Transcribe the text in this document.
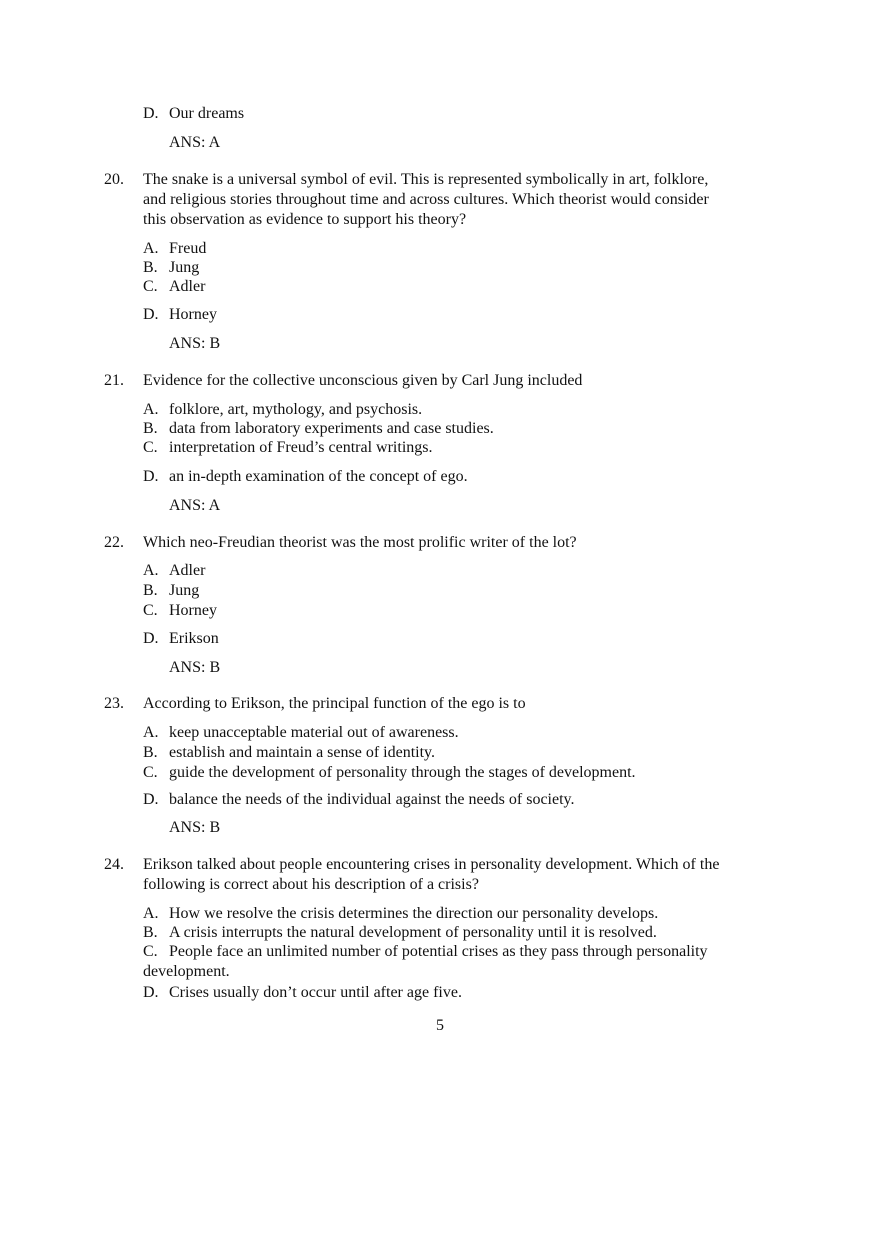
D. Our dreams
ANS: A
20. The snake is a universal symbol of evil. This is represented symbolically in art, folklore,
and religious stories throughout time and across cultures. Which theorist would consider
this observation as evidence to support his theory?
A. Freud
B. Jung
C. Adler
D. Horney
ANS: B
21. Evidence for the collective unconscious given by Carl Jung included
A. folklore, art, mythology, and psychosis.
B. data from laboratory experiments and case studies.
C. interpretation of Freud’s central writings.
D. an in-depth examination of the concept of ego.
ANS: A
22. Which neo-Freudian theorist was the most prolific writer of the lot?
A. Adler
B. Jung
C. Horney
D. Erikson
ANS: B
23. According to Erikson, the principal function of the ego is to
A. keep unacceptable material out of awareness.
B. establish and maintain a sense of identity.
C. guide the development of personality through the stages of development.
D. balance the needs of the individual against the needs of society.
ANS: B
24. Erikson talked about people encountering crises in personality development. Which of the
following is correct about his description of a crisis?
A. How we resolve the crisis determines the direction our personality develops.
B. A crisis interrupts the natural development of personality until it is resolved.
C. People face an unlimited number of potential crises as they pass through personality
development.
D. Crises usually don’t occur until after age five.
5
